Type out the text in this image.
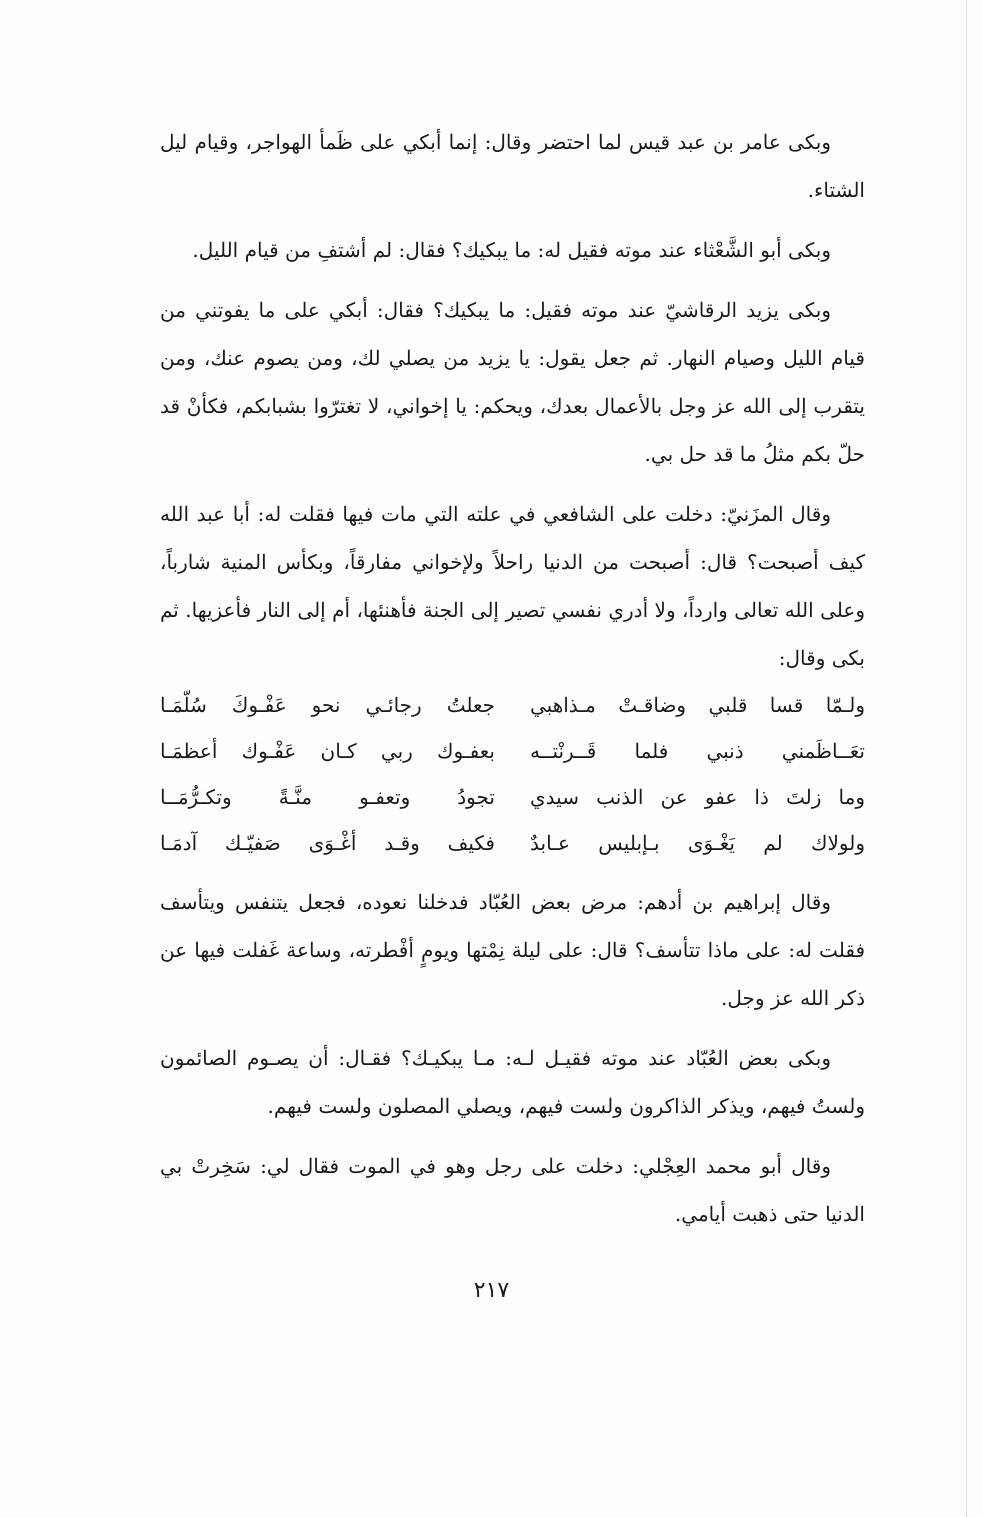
وبكى عامر بن عبد قيس لما احتضر وقال: إنما أبكي على ظَمأ الهواجر، وقيام ليل الشتاء.

وبكى أبو الشَّعْثاء عند موته فقيل له: ما يبكيك؟ فقال: لم أشتفِ من قيام الليل.

وبكى يزيد الرقاشيّ عند موته فقيل: ما يبكيك؟ فقال: أبكي على ما يفوتني من قيام الليل وصيام النهار. ثم جعل يقول: يا يزيد من يصلي لك، ومن يصوم عنك، ومن يتقرب إلى الله عز وجل بالأعمال بعدك، ويحكم: يا إخواني، لا تغترّوا بشبابكم، فكأنْ قد حلّ بكم مثلُ ما قد حل بي.

وقال المزَنيّ: دخلت على الشافعي في علته التي مات فيها فقلت له: أبا عبد الله كيف أصبحت؟ قال: أصبحت من الدنيا راحلاً ولإخواني مفارقاً، وبكأس المنية شارباً، وعلى الله تعالى وارداً، ولا أدري نفسي تصير إلى الجنة فأهنئها، أم إلى النار فأعزيها. ثم بكى وقال:

ولـمّا قسا قلبي وضاقـتْ مـذاهبي
جعلتُ رجائـي نحو عَفْـوكَ سُلّمَـا
تعَــاظَمني ذنبي فلما قَــرنْتــه
بعفـوك ربي كـان عَفْـوك أعظمَـا
وما زلتَ ذا عفو عن الذنب سيدي
تجودُ وتعفـو منَّـةً وتكـرُّمَــا
ولولاك لم يَغْـوَى بـإبليس عـابدٌ
فكيف وقـد أغْـوَى صَفيّـك آدمَـا

وقال إبراهيم بن أدهم: مرض بعض العُبّاد فدخلنا نعوده، فجعل يتنفس ويتأسف فقلت له: على ماذا تتأسف؟ قال: على ليلة نِمْتها ويومٍ أفْطرته، وساعة غَفلت فيها عن ذكر الله عز وجل.

وبكى بعض العُبّاد عند موته فقيـل لـه: مـا يبكيـك؟ فقـال: أن يصـوم الصائمون ولستُ فيهم، ويذكر الذاكرون ولست فيهم، ويصلي المصلون ولست فيهم.

وقال أبو محمد العِجْلي: دخلت على رجل وهو في الموت فقال لي: سَخِرتْ بي الدنيا حتى ذهبت أيامي.

٢١٧
